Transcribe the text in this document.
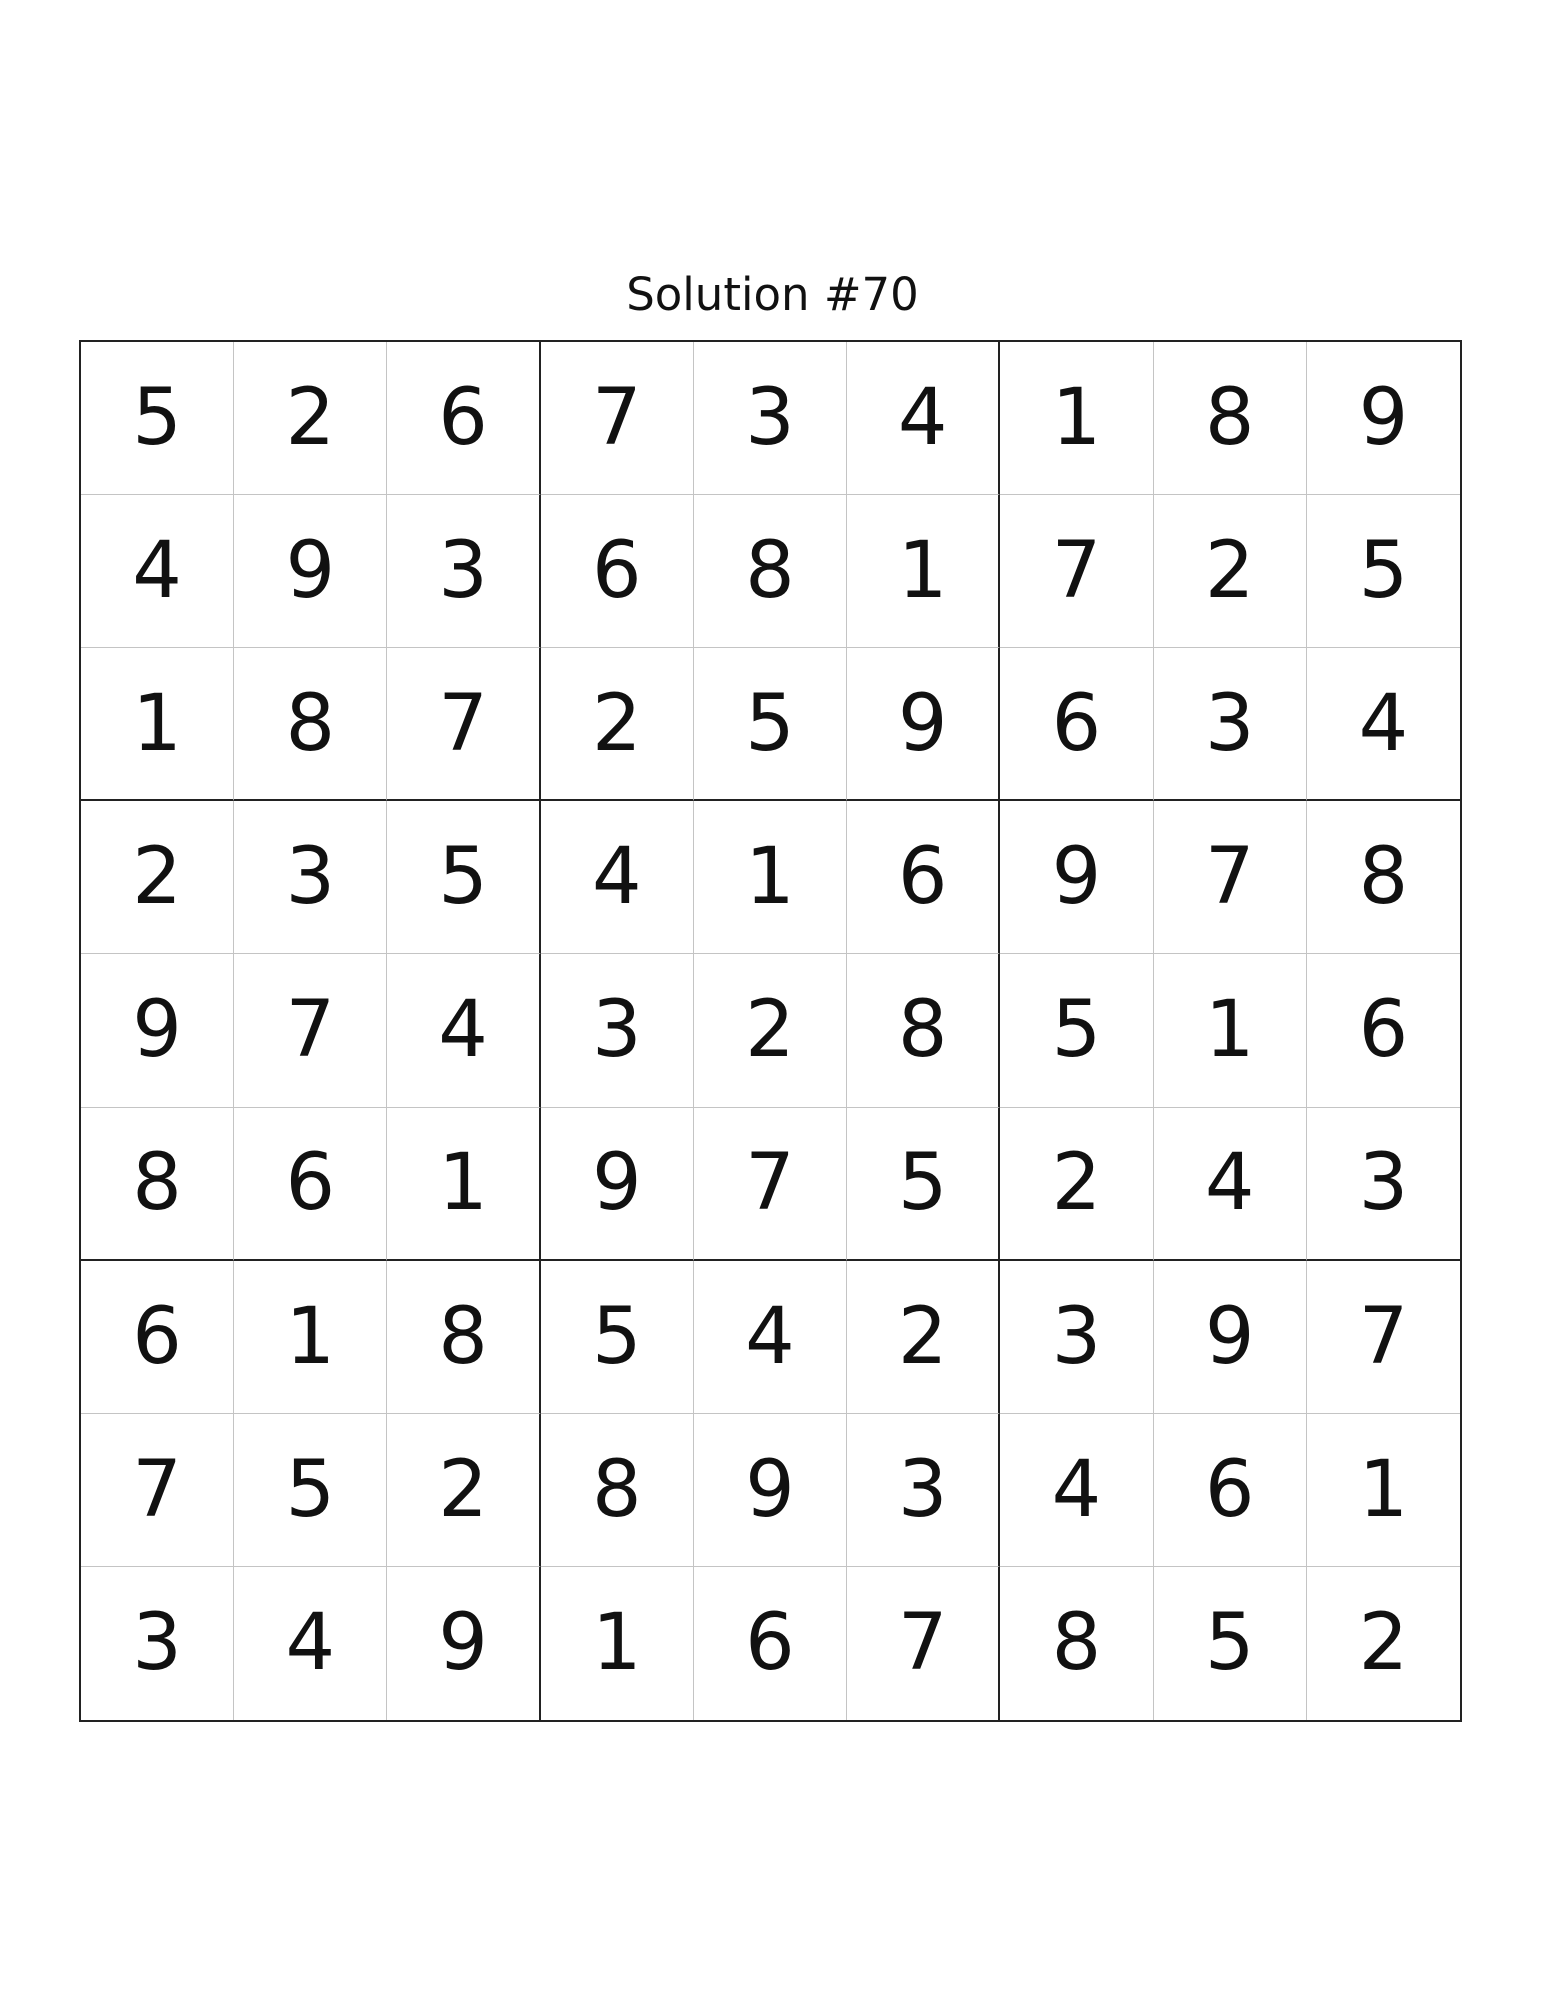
Solution #70
5	2	6	7	3	4	1	8	9
4	9	3	6	8	1	7	2	5
1	8	7	2	5	9	6	3	4
2	3	5	4	1	6	9	7	8
9	7	4	3	2	8	5	1	6
8	6	1	9	7	5	2	4	3
6	1	8	5	4	2	3	9	7
7	5	2	8	9	3	4	6	1
3	4	9	1	6	7	8	5	2
